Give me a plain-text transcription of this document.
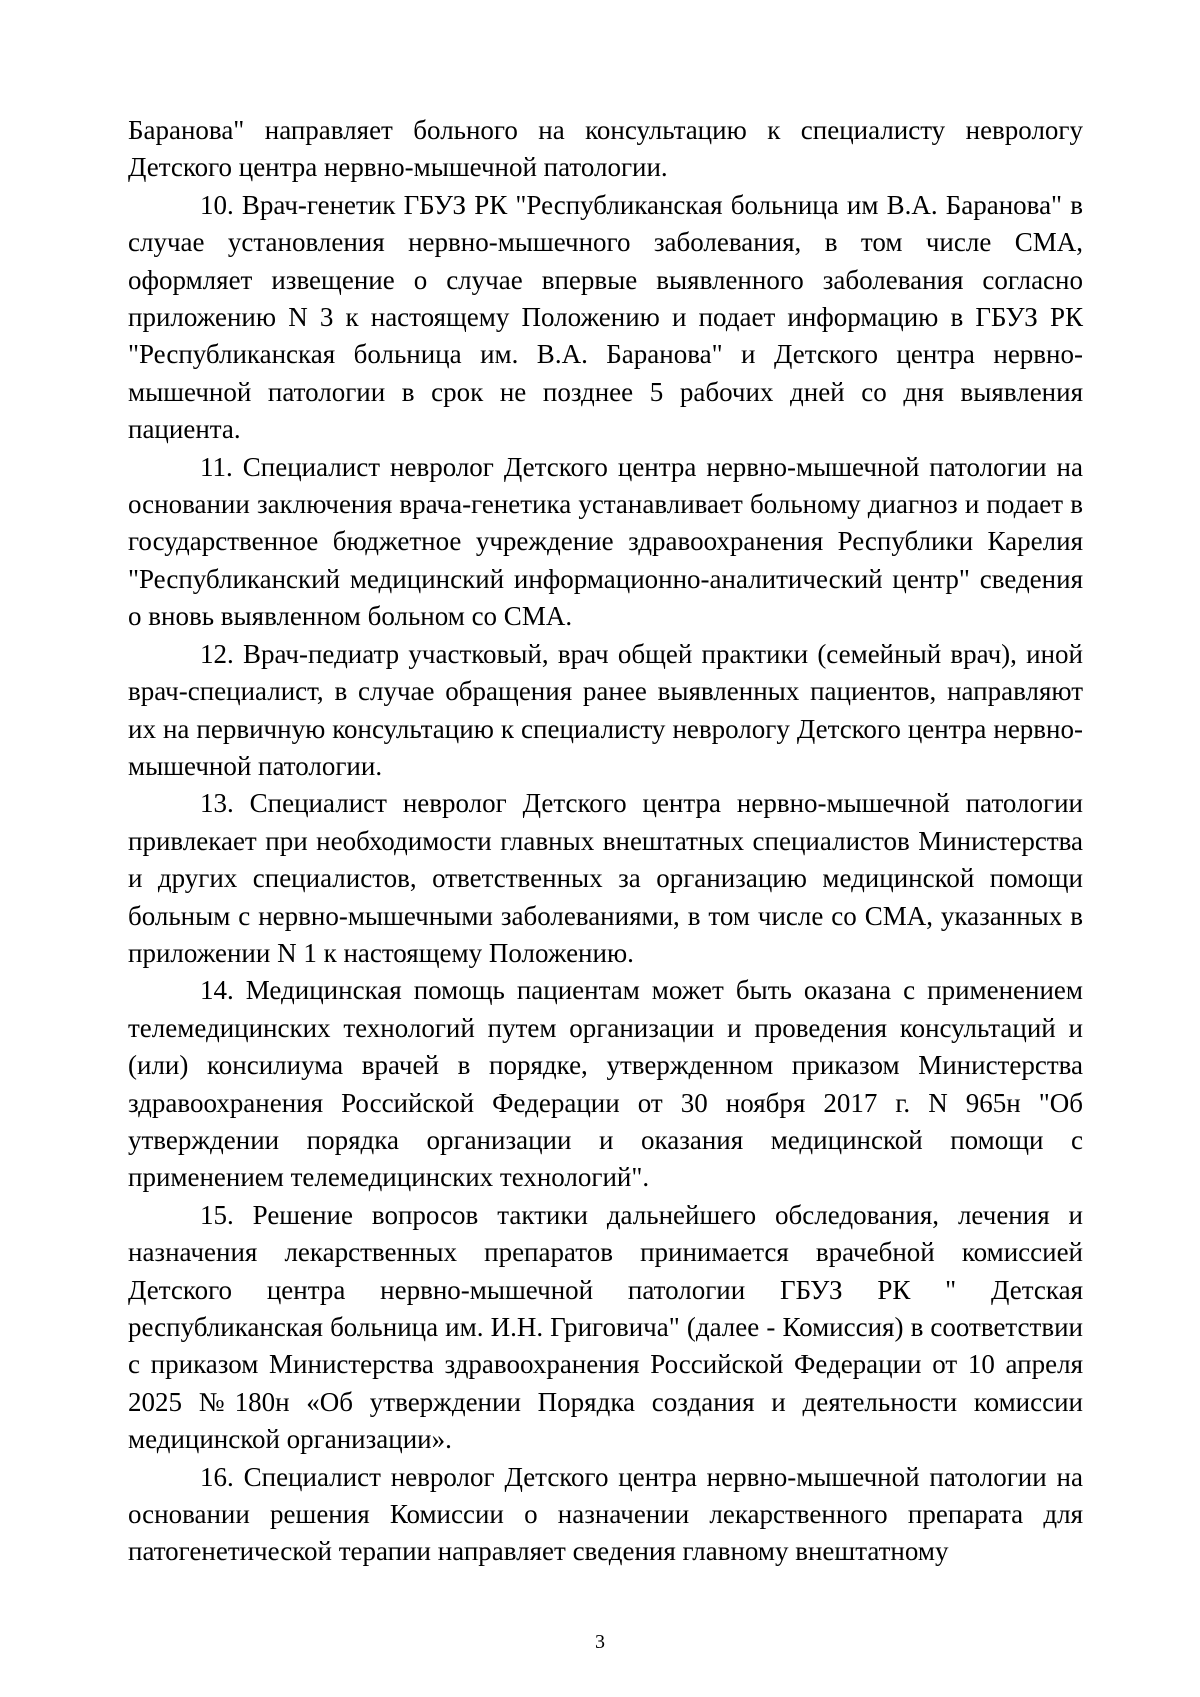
Баранова" направляет больного на консультацию к специалисту неврологу Детского центра нервно-мышечной патологии.

10. Врач-генетик ГБУЗ РК "Республиканская больница им В.А. Баранова" в случае установления нервно-мышечного заболевания, в том числе СМА, оформляет извещение о случае впервые выявленного заболевания согласно приложению N 3 к настоящему Положению и подает информацию в ГБУЗ РК "Республиканская больница им. В.А. Баранова" и Детского центра нервно-мышечной патологии в срок не позднее 5 рабочих дней со дня выявления пациента.

11. Специалист невролог Детского центра нервно-мышечной патологии на основании заключения врача-генетика устанавливает больному диагноз и подает в государственное бюджетное учреждение здравоохранения Республики Карелия "Республиканский медицинский информационно-аналитический центр" сведения о вновь выявленном больном со СМА.

12. Врач-педиатр участковый, врач общей практики (семейный врач), иной врач-специалист, в случае обращения ранее выявленных пациентов, направляют их на первичную консультацию к специалисту неврологу Детского центра нервно-мышечной патологии.

13. Специалист невролог Детского центра нервно-мышечной патологии привлекает при необходимости главных внештатных специалистов Министерства и других специалистов, ответственных за организацию медицинской помощи больным с нервно-мышечными заболеваниями, в том числе со СМА, указанных в приложении N 1 к настоящему Положению.

14. Медицинская помощь пациентам может быть оказана с применением телемедицинских технологий путем организации и проведения консультаций и (или) консилиума врачей в порядке, утвержденном приказом Министерства здравоохранения Российской Федерации от 30 ноября 2017 г. N 965н "Об утверждении порядка организации и оказания медицинской помощи с применением телемедицинских технологий".

15. Решение вопросов тактики дальнейшего обследования, лечения и назначения лекарственных препаратов принимается врачебной комиссией Детского центра нервно-мышечной патологии ГБУЗ РК " Детская республиканская больница им. И.Н. Григовича" (далее - Комиссия) в соответствии с приказом Министерства здравоохранения Российской Федерации от 10 апреля 2025 №180н «Об утверждении Порядка создания и деятельности комиссии медицинской организации».

16. Специалист невролог Детского центра нервно-мышечной патологии на основании решения Комиссии о назначении лекарственного препарата для патогенетической терапии направляет сведения главному внештатному

3
